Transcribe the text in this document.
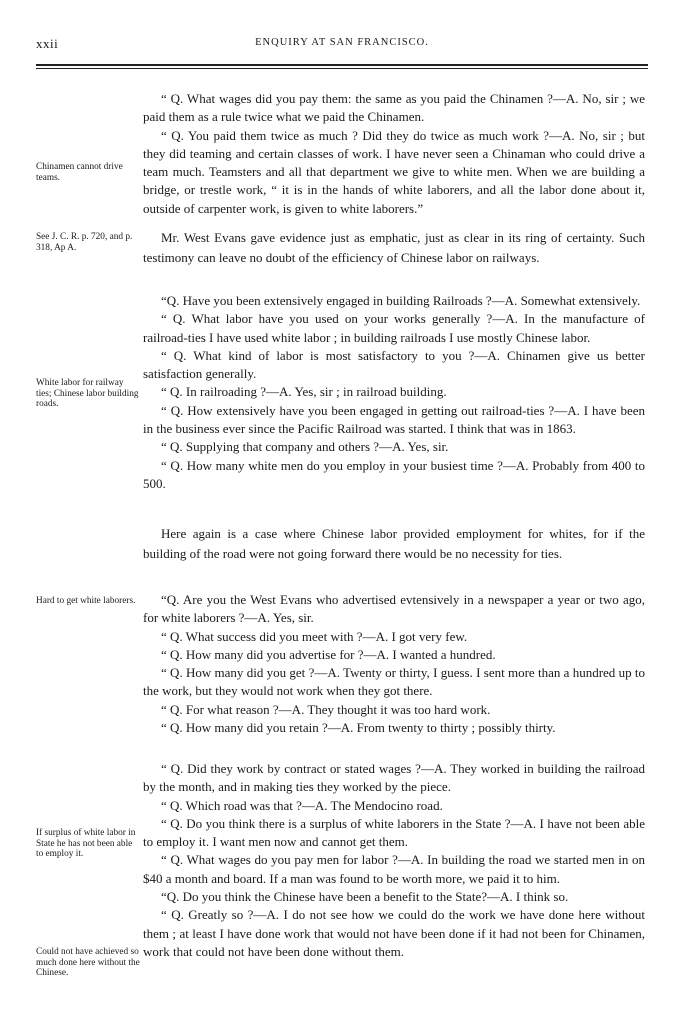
xxii	ENQUIRY AT SAN FRANCISCO.
Chinamen cannot drive teams.
See J. C. R. p. 720, and p. 318, Ap A.
White labor for railway ties; Chinese labor building roads.
Hard to get white laborers.
If surplus of white labor in State he has not been able to employ it.
Could not have achieved so much done here without the Chinese.

“ Q. What wages did you pay them: the same as you paid the Chinamen ?—A. No, sir ; we paid them as a rule twice what we paid the Chinamen.

“ Q. You paid them twice as much ? Did they do twice as much work ?—A. No, sir ; but they did teaming and certain classes of work. I have never seen a Chinaman who could drive a team much. Teamsters and all that department we give to white men. When we are building a bridge, or trestle work, “ it is in the hands of white laborers, and all the labor done about it, outside of carpenter work, is given to white laborers.”

Mr. West Evans gave evidence just as emphatic, just as clear in its ring of certainty. Such testimony can leave no doubt of the efficiency of Chinese labor on railways.

“Q. Have you been extensively engaged in building Railroads ?—A. Somewhat extensively.

“ Q. What labor have you used on your works generally ?—A. In the manufacture of railroad-ties I have used white labor ; in building railroads I use mostly Chinese labor.

“ Q. What kind of labor is most satisfactory to you ?—A. Chinamen give us better satisfaction generally.

“ Q. In railroading ?—A. Yes, sir ; in railroad building.

“ Q. How extensively have you been engaged in getting out railroad-ties ?—A. I have been in the business ever since the Pacific Railroad was started. I think that was in 1863.

“ Q. Supplying that company and others ?—A. Yes, sir.

“ Q. How many white men do you employ in your busiest time ?—A. Probably from 400 to 500.

Here again is a case where Chinese labor provided employment for whites, for if the building of the road were not going forward there would be no necessity for ties.

“Q. Are you the West Evans who advertised evtensively in a newspaper a year or two ago, for white laborers ?—A. Yes, sir.

“ Q. What success did you meet with ?—A. I got very few.

“ Q. How many did you advertise for ?—A. I wanted a hundred.

“ Q. How many did you get ?—A. Twenty or thirty, I guess. I sent more than a hundred up to the work, but they would not work when they got there.

“ Q. For what reason ?—A. They thought it was too hard work.

“ Q. How many did you retain ?—A. From twenty to thirty ; possibly thirty.

“ Q. Did they work by contract or stated wages ?—A. They worked in building the railroad by the month, and in making ties they worked by the piece.

“ Q. Which road was that ?—A. The Mendocino road.

“ Q. Do you think there is a surplus of white laborers in the State ?—A. I have not been able to employ it. I want men now and cannot get them.

“ Q. What wages do you pay men for labor ?—A. In building the road we started men in on $40 a month and board. If a man was found to be worth more, we paid it to him.

“Q. Do you think the Chinese have been a benefit to the State?—A. I think so.

“ Q. Greatly so ?—A. I do not see how we could do the work we have done here without them ; at least I have done work that would not have been done if it had not been for Chinamen, work that could not have been done without them.
